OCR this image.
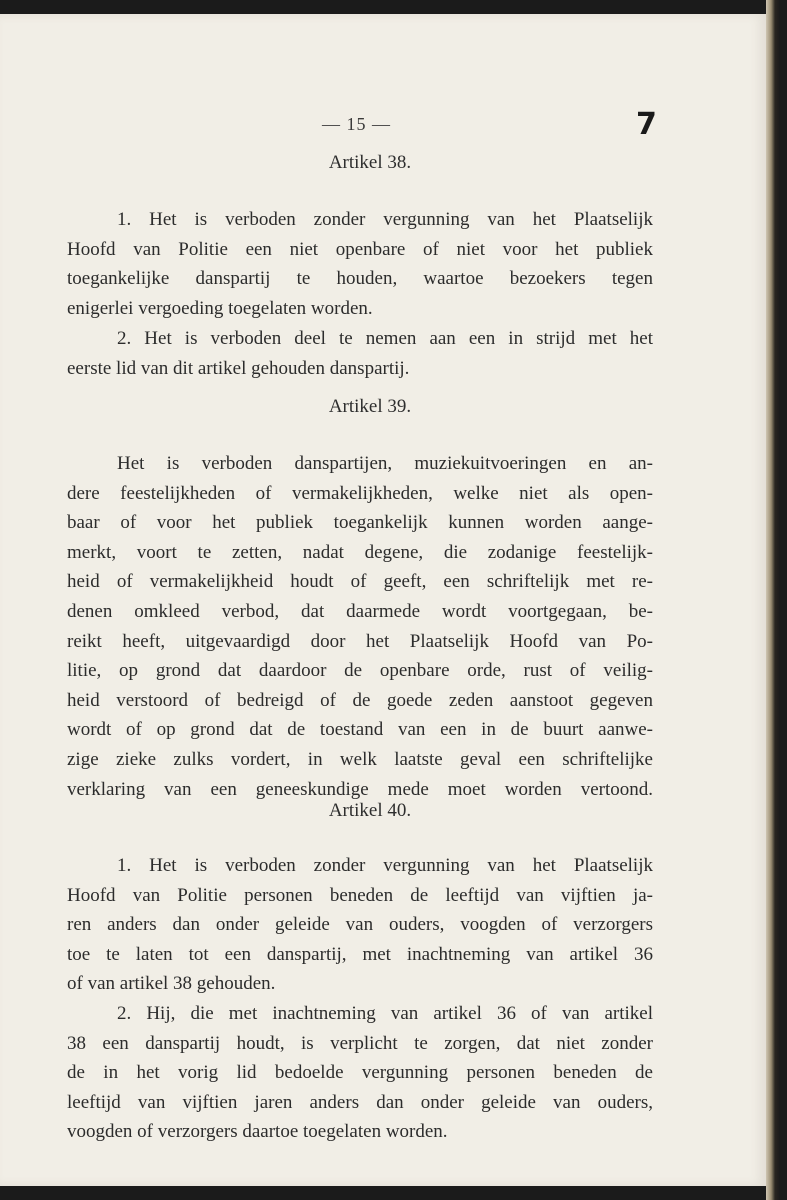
— 15 —	7
Artikel 38.
1. Het is verboden zonder vergunning van het Plaatselijk
Hoofd van Politie een niet openbare of niet voor het publiek
toegankelijke danspartij te houden, waartoe bezoekers tegen
enigerlei vergoeding toegelaten worden.
2. Het is verboden deel te nemen aan een in strijd met het
eerste lid van dit artikel gehouden danspartij.
Artikel 39.
Het is verboden danspartijen, muziekuitvoeringen en an-
dere feestelijkheden of vermakelijkheden, welke niet als open-
baar of voor het publiek toegankelijk kunnen worden aange-
merkt, voort te zetten, nadat degene, die zodanige feestelijk-
heid of vermakelijkheid houdt of geeft, een schriftelijk met re-
denen omkleed verbod, dat daarmede wordt voortgegaan, be-
reikt heeft, uitgevaardigd door het Plaatselijk Hoofd van Po-
litie, op grond dat daardoor de openbare orde, rust of veilig-
heid verstoord of bedreigd of de goede zeden aanstoot gegeven
wordt of op grond dat de toestand van een in de buurt aanwe-
zige zieke zulks vordert, in welk laatste geval een schriftelijke
verklaring van een geneeskundige mede moet worden vertoond.
Artikel 40.
1. Het is verboden zonder vergunning van het Plaatselijk
Hoofd van Politie personen beneden de leeftijd van vijftien ja-
ren anders dan onder geleide van ouders, voogden of verzorgers
toe te laten tot een danspartij, met inachtneming van artikel 36
of van artikel 38 gehouden.
2. Hij, die met inachtneming van artikel 36 of van artikel
38 een danspartij houdt, is verplicht te zorgen, dat niet zonder
de in het vorig lid bedoelde vergunning personen beneden de
leeftijd van vijftien jaren anders dan onder geleide van ouders,
voogden of verzorgers daartoe toegelaten worden.
